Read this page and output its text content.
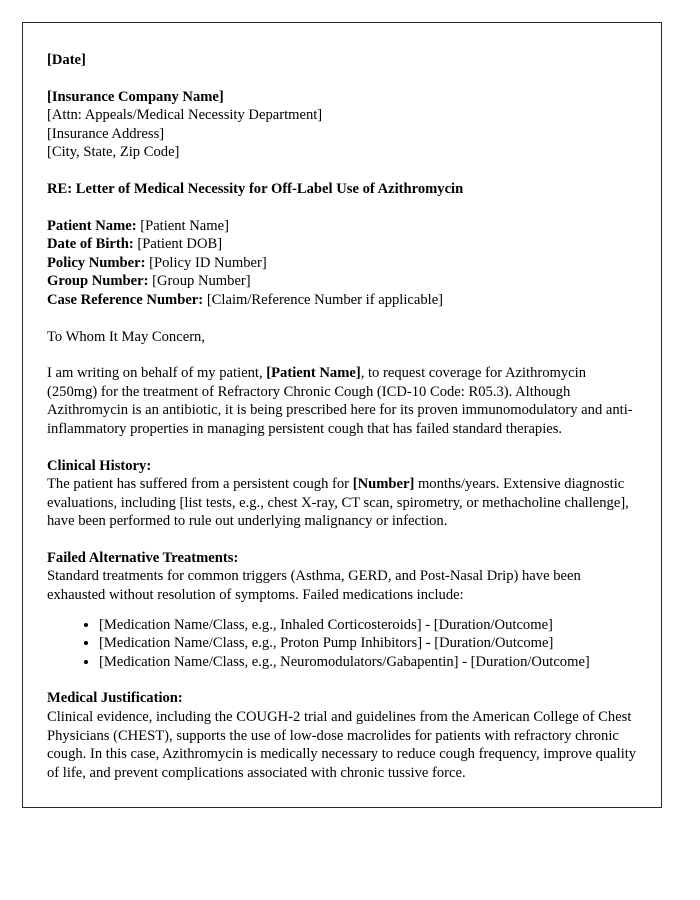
[Date]
[Insurance Company Name]
[Attn: Appeals/Medical Necessity Department]
[Insurance Address]
[City, State, Zip Code]
RE: Letter of Medical Necessity for Off-Label Use of Azithromycin
Patient Name: [Patient Name]
Date of Birth: [Patient DOB]
Policy Number: [Policy ID Number]
Group Number: [Group Number]
Case Reference Number: [Claim/Reference Number if applicable]
To Whom It May Concern,

I am writing on behalf of my patient, [Patient Name], to request coverage for Azithromycin (250mg) for the treatment of Refractory Chronic Cough (ICD-10 Code: R05.3). Although Azithromycin is an antibiotic, it is being prescribed here for its proven immunomodulatory and anti-inflammatory properties in managing persistent cough that has failed standard therapies.

Clinical History:

The patient has suffered from a persistent cough for [Number] months/years. Extensive diagnostic evaluations, including [list tests, e.g., chest X-ray, CT scan, spirometry, or methacholine challenge], have been performed to rule out underlying malignancy or infection.

Failed Alternative Treatments:

Standard treatments for common triggers (Asthma, GERD, and Post-Nasal Drip) have been exhausted without resolution of symptoms. Failed medications include:

• [Medication Name/Class, e.g., Inhaled Corticosteroids] - [Duration/Outcome]
• [Medication Name/Class, e.g., Proton Pump Inhibitors] - [Duration/Outcome]
• [Medication Name/Class, e.g., Neuromodulators/Gabapentin] - [Duration/Outcome]
Medical Justification:

Clinical evidence, including the COUGH-2 trial and guidelines from the American College of Chest Physicians (CHEST), supports the use of low-dose macrolides for patients with refractory chronic cough. In this case, Azithromycin is medically necessary to reduce cough frequency, improve quality of life, and prevent complications associated with chronic tussive force.
